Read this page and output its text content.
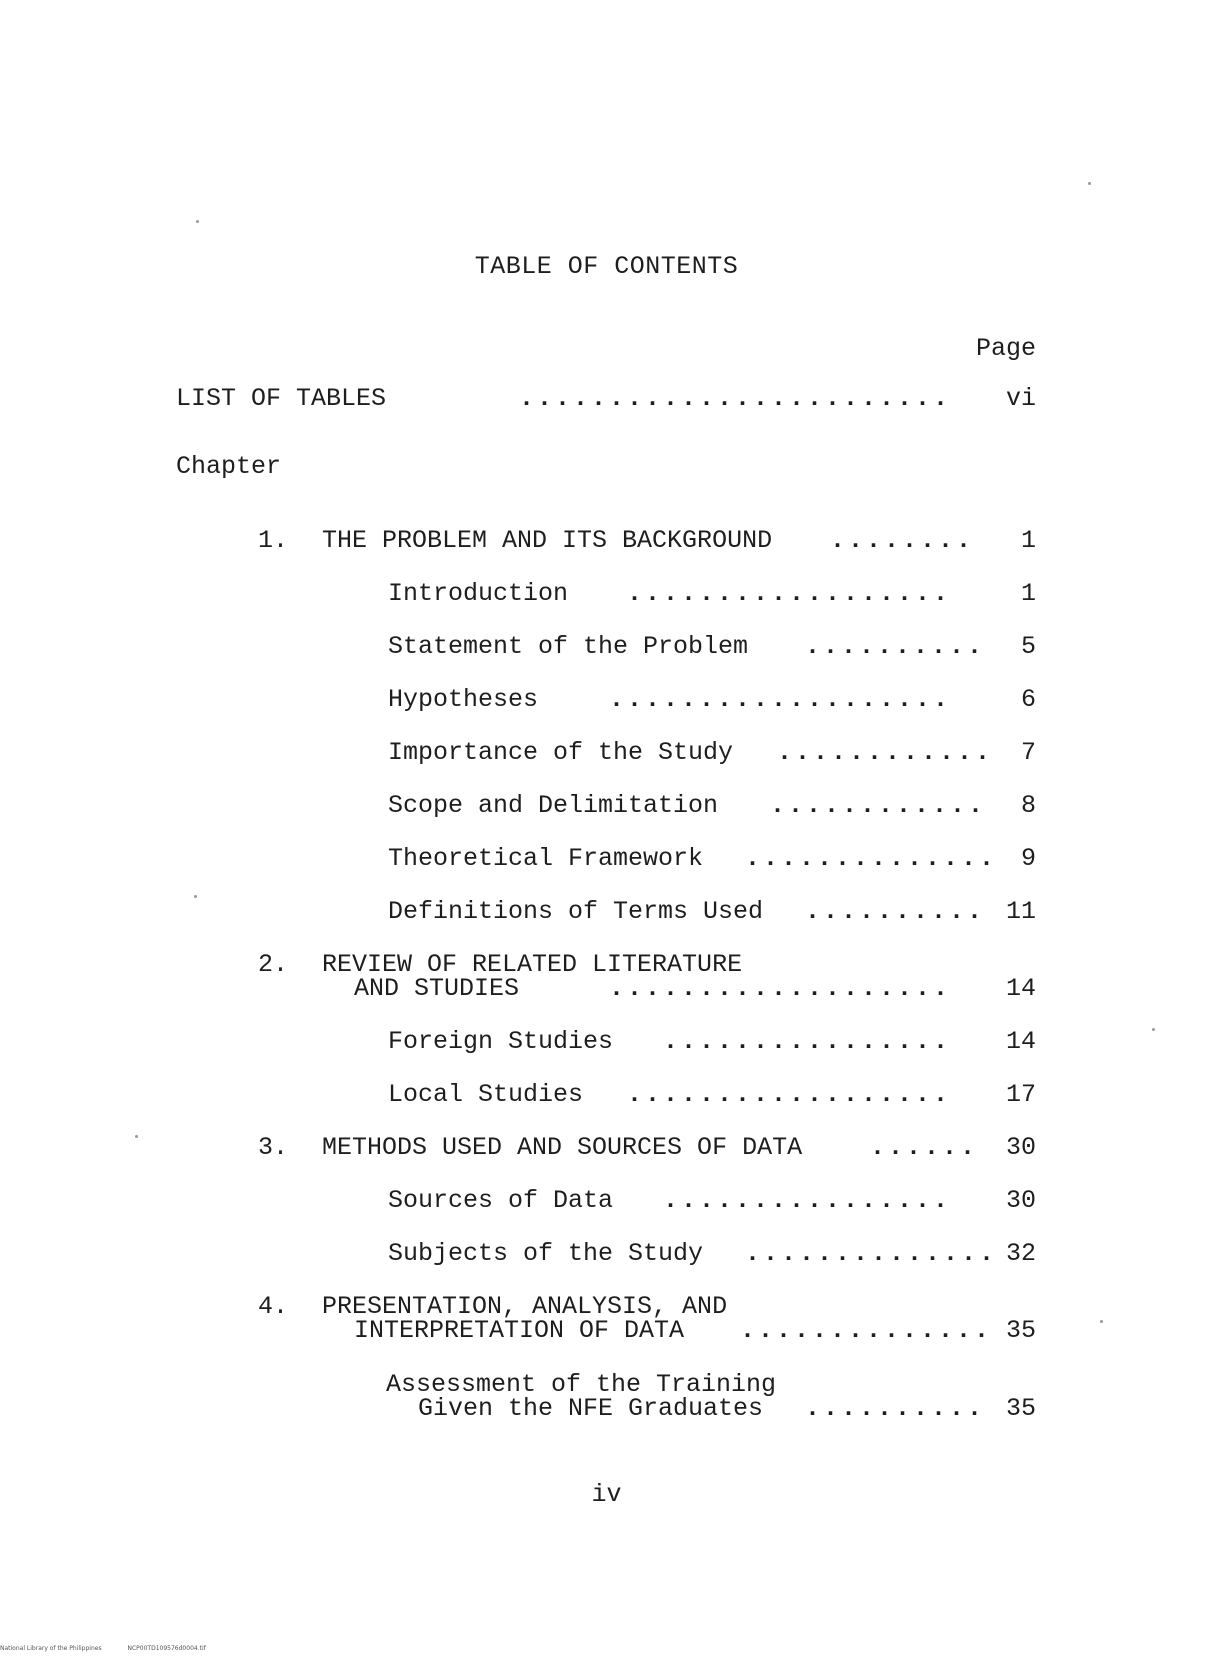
TABLE OF CONTENTS
Page
LIST OF TABLES	........................ vi
Chapter
1. THE PROBLEM AND ITS BACKGROUND ........ 1
Introduction	..................	1
Statement of the Problem .......... 5
Hypotheses	...................	6
Importance of the Study ............ 7
Scope and Delimitation ............ 8
Theoretical Framework .............. 9
Definitions of Terms Used .......... 11
2. REVIEW OF RELATED LITERATURE
AND STUDIES	................... 14
Foreign Studies	................ 14
Local Studies	.................. 17
3. METHODS USED AND SOURCES OF DATA	...... 30
Sources of Data	................ 30
Subjects of the Study .............. 32
4. PRESENTATION, ANALYSIS, AND
INTERPRETATION OF DATA .............. 35
Assessment of the Training
Given the NFE Graduates .......... 35
iv
National Library of the Philippines	NCP00TD109576d0004.tif
